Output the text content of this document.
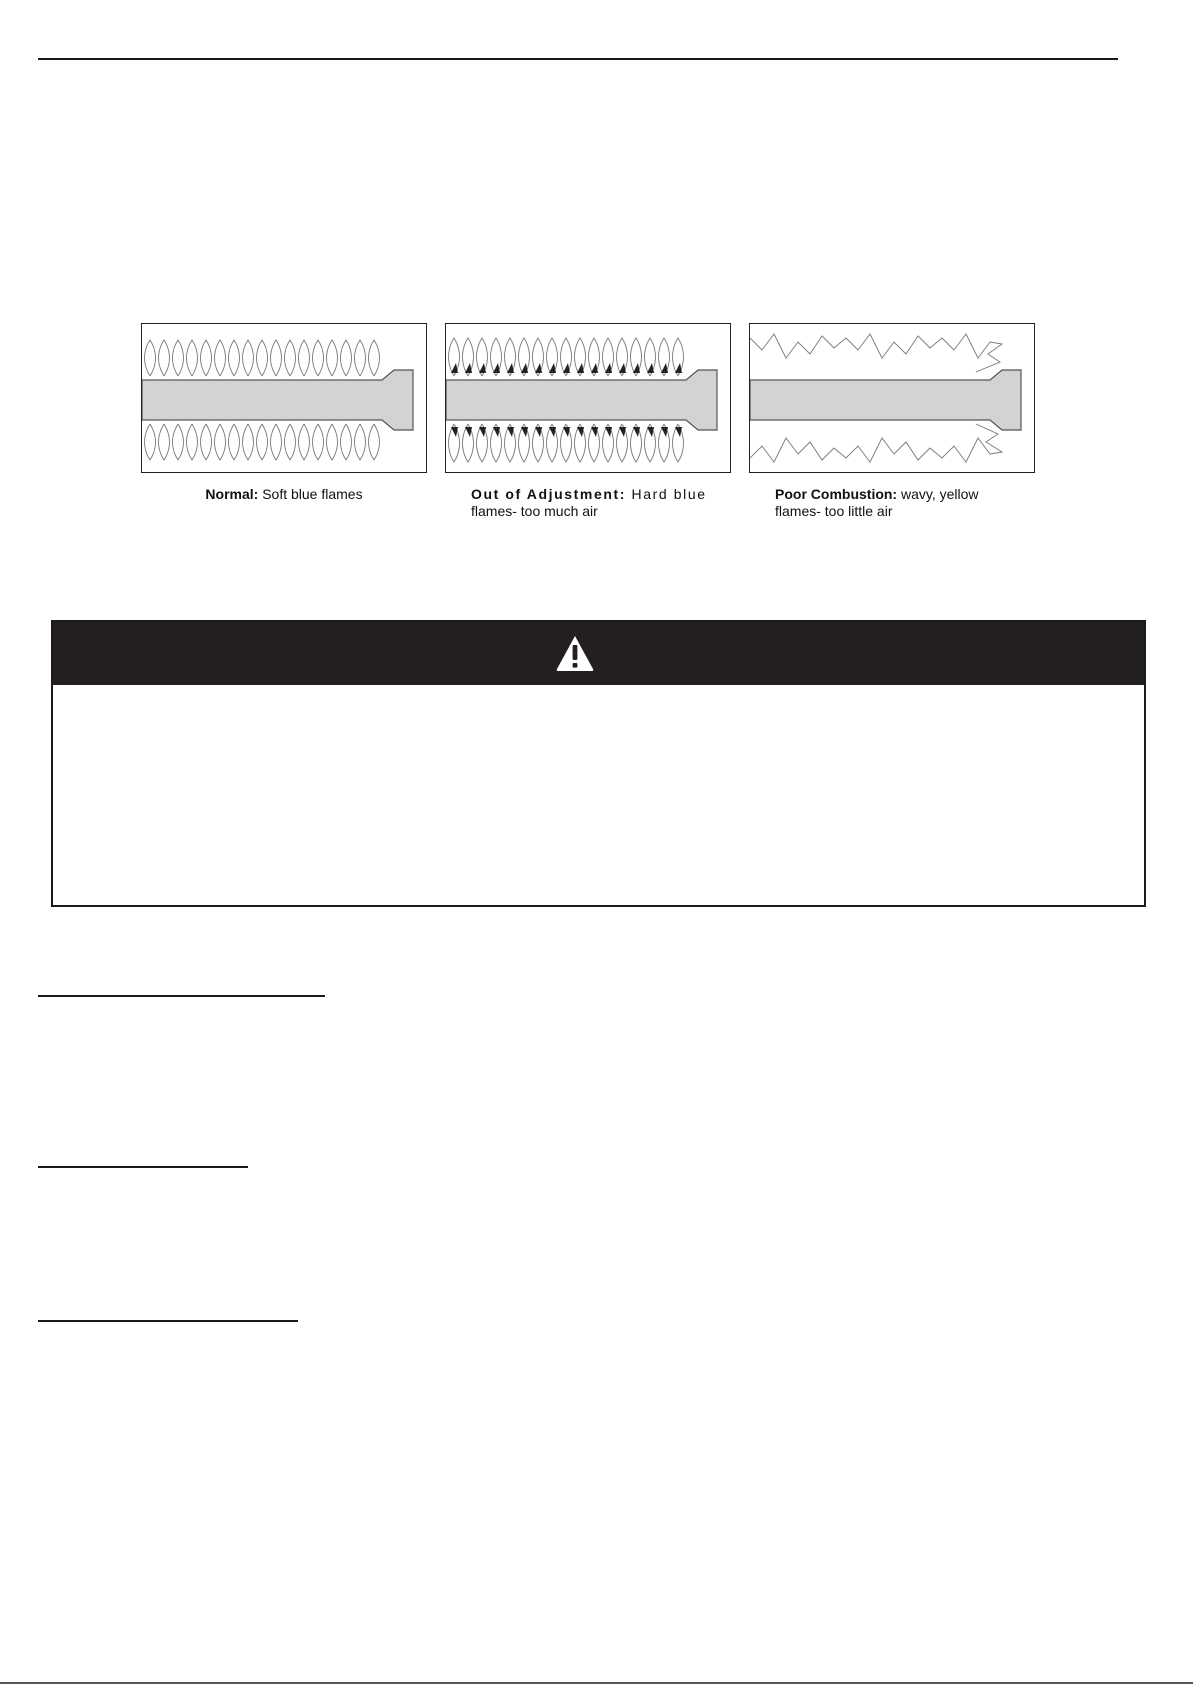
Normal: Soft blue flames	Out of Adjustment: Hard blue
flames- too much air
Poor Combustion: wavy, yellow
flames- too little air
